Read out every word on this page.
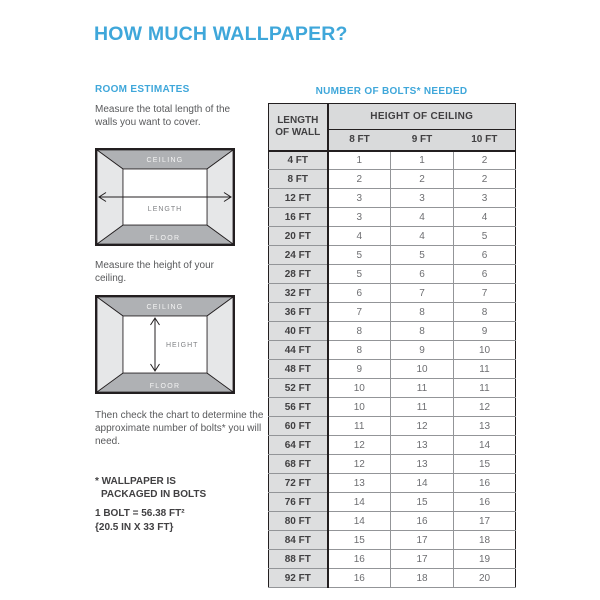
HOW MUCH WALLPAPER?
ROOM ESTIMATES

Measure the total length of the walls you want to cover.

CEILING
FLOOR
LENGTH

Measure the height of your ceiling.

CEILING
FLOOR
HEIGHT

Then check the chart to determine the approximate number of bolts* you will need.

* WALLPAPER IS
PACKAGED IN BOLTS
1 BOLT = 56.38 FT²
{20.5 IN X 33 FT}
NUMBER OF BOLTS* NEEDED
LENGTH OF WALL	HEIGHT OF CEILING		
	8 FT	9 FT	10 FT
4 FT	1	1	2
8 FT	2	2	2
12 FT	3	3	3
16 FT	3	4	4
20 FT	4	4	5
24 FT	5	5	6
28 FT	5	6	6
32 FT	6	7	7
36 FT	7	8	8
40 FT	8	8	9
44 FT	8	9	10
48 FT	9	10	11
52 FT	10	11	11
56 FT	10	11	12
60 FT	11	12	13
64 FT	12	13	14
68 FT	12	13	15
72 FT	13	14	16
76 FT	14	15	16
80 FT	14	16	17
84 FT	15	17	18
88 FT	16	17	19
92 FT	16	18	20
